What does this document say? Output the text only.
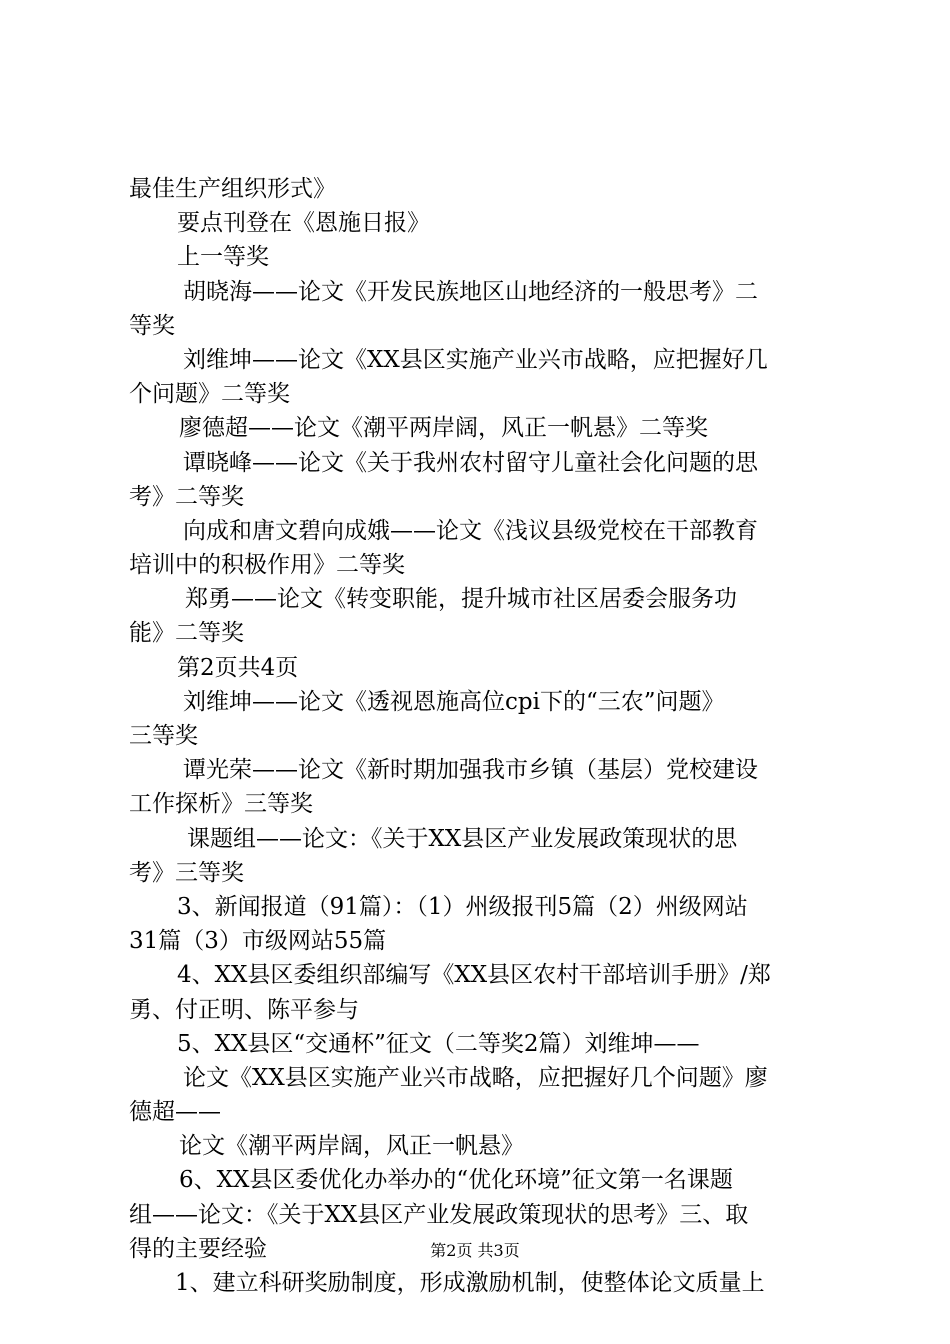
最佳生产组织形式》
要点刊登在《恩施日报》
上一等奖
胡晓海——论文《开发民族地区山地经济的一般思考》二
等奖
刘维坤——论文《XX县区实施产业兴市战略，应把握好几
个问题》二等奖
廖德超——论文《潮平两岸阔，风正一帆悬》二等奖
谭晓峰——论文《关于我州农村留守儿童社会化问题的思
考》二等奖
向成和唐文碧向成娥——论文《浅议县级党校在干部教育
培训中的积极作用》二等奖
郑勇——论文《转变职能，提升城市社区居委会服务功
能》二等奖
第2页共4页
刘维坤——论文《透视恩施高位cpi下的“三农”问题》
三等奖
谭光荣——论文《新时期加强我市乡镇（基层）党校建设
工作探析》三等奖
课题组——论文：《关于XX县区产业发展政策现状的思
考》三等奖
3、新闻报道（91篇）：（1）州级报刊5篇（2）州级网站
31篇（3）市级网站55篇
4、XX县区委组织部编写《XX县区农村干部培训手册》/郑
勇、付正明、陈平参与
5、XX县区“交通杯”征文（二等奖2篇）刘维坤——
论文《XX县区实施产业兴市战略，应把握好几个问题》廖
德超——
论文《潮平两岸阔，风正一帆悬》
6、XX县区委优化办举办的“优化环境”征文第一名课题
组——论文：《关于XX县区产业发展政策现状的思考》三、取
得的主要经验
1、建立科研奖励制度，形成激励机制，使整体论文质量上
第2页 共3页
